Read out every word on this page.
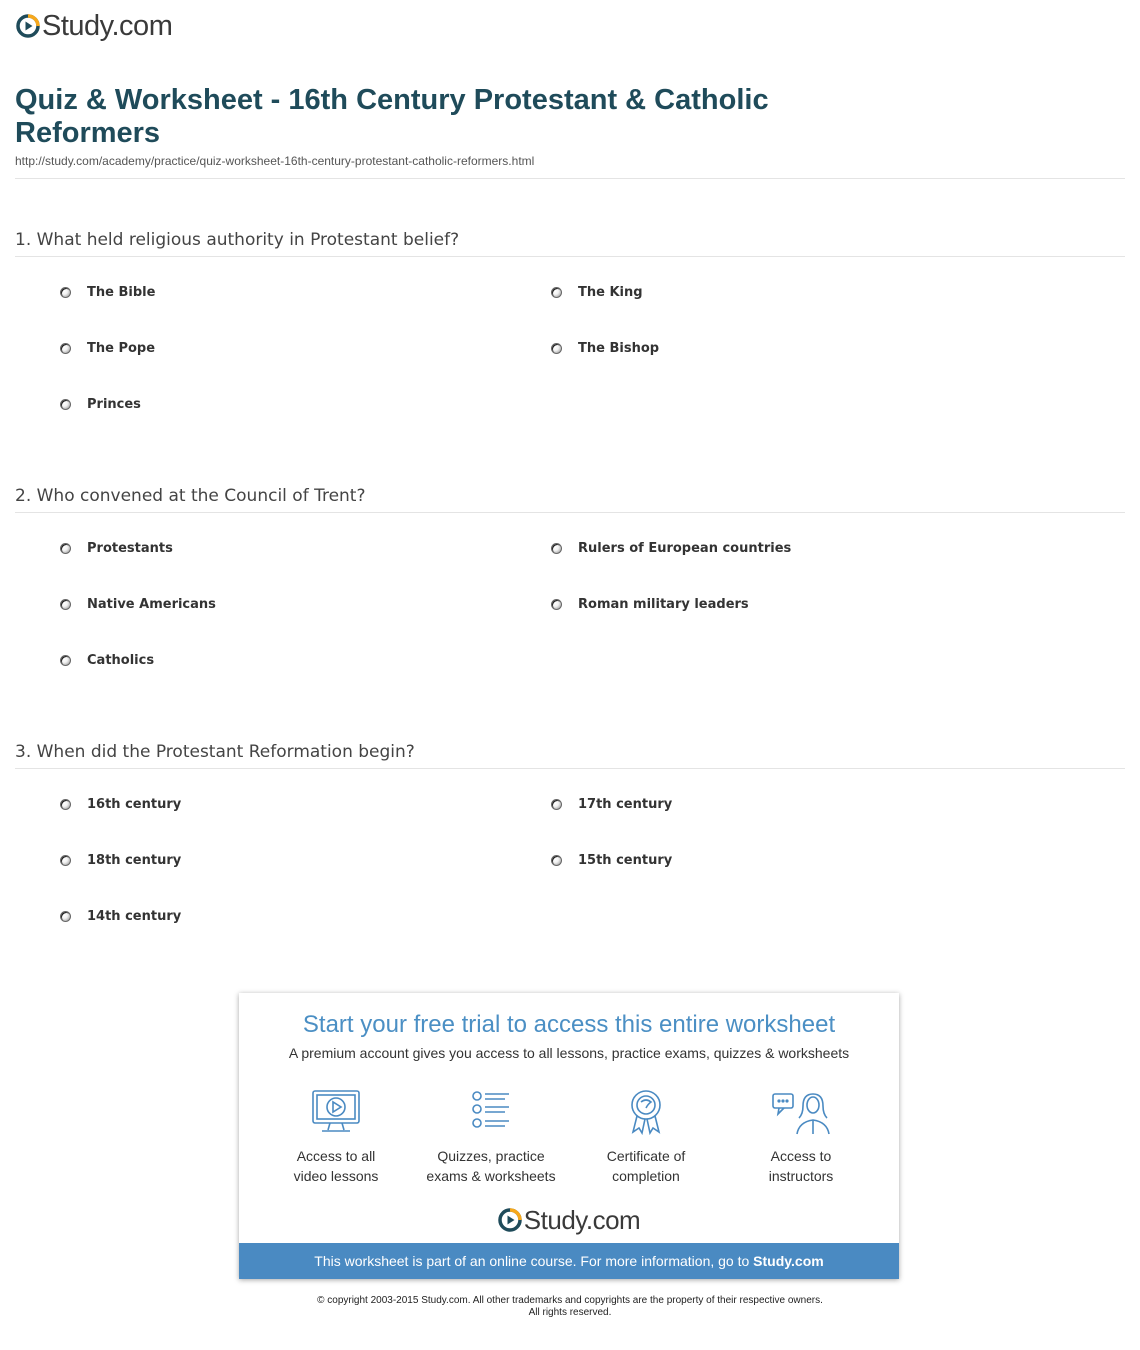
Study.com
Quiz & Worksheet - 16th Century Protestant & Catholic Reformers
http://study.com/academy/practice/quiz-worksheet-16th-century-protestant-catholic-reformers.html
1. What held religious authority in Protestant belief?
The Bible	The King
The Pope	The Bishop
Princes
2. Who convened at the Council of Trent?
Protestants	Rulers of European countries
Native Americans	Roman military leaders
Catholics
3. When did the Protestant Reformation begin?
16th century	17th century
18th century	15th century
14th century
Start your free trial to access this entire worksheet
A premium account gives you access to all lessons, practice exams, quizzes & worksheets
Access to all
video lessons
Quizzes, practice
exams & worksheets
Certificate of
completion
Access to
instructors
Study.com
This worksheet is part of an online course. For more information, go to Study.com
© copyright 2003-2015 Study.com. All other trademarks and copyrights are the property of their respective owners.
All rights reserved.
